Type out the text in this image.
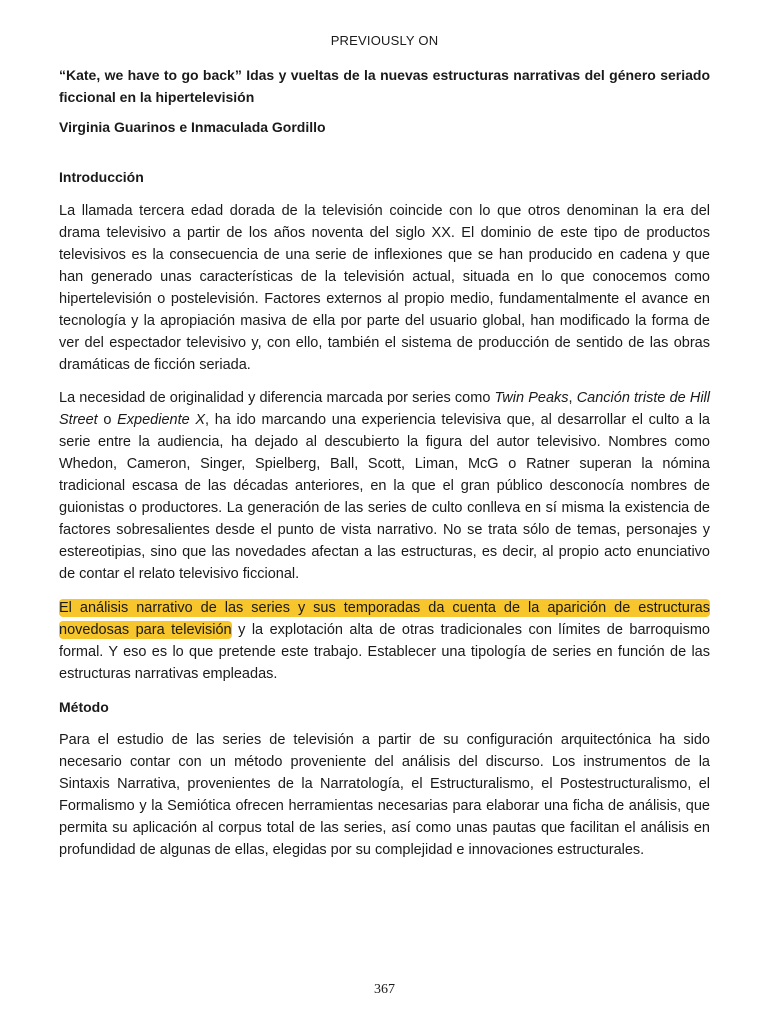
PREVIOUSLY ON
“Kate, we have to go back” Idas y vueltas de la nuevas estructuras narrativas del género seriado ficcional en la hipertelevisión
Virginia Guarinos e Inmaculada Gordillo
Introducción

La llamada tercera edad dorada de la televisión coincide con lo que otros denominan la era del drama televisivo a partir de los años noventa del siglo XX. El dominio de este tipo de productos televisivos es la consecuencia de una serie de inflexiones que se han producido en cadena y que han generado unas características de la televisión actual, situada en lo que conocemos como hipertelevisión o postelevisión. Factores externos al propio medio, fundamentalmente el avance en tecnología y la apropiación masiva de ella por parte del usuario global, han modificado la forma de ver del espectador televisivo y, con ello, también el sistema de producción de sentido de las obras dramáticas de ficción seriada.

La necesidad de originalidad y diferencia marcada por series como Twin Peaks, Canción triste de Hill Street o Expediente X, ha ido marcando una experiencia televisiva que, al desarrollar el culto a la serie entre la audiencia, ha dejado al descubierto la figura del autor televisivo. Nombres como Whedon, Cameron, Singer, Spielberg, Ball, Scott, Liman, McG o Ratner superan la nómina tradicional escasa de las décadas anteriores, en la que el gran público desconocía nombres de guionistas o productores. La generación de las series de culto conlleva en sí misma la existencia de factores sobresalientes desde el punto de vista narrativo. No se trata sólo de temas, personajes y estereotipias, sino que las novedades afectan a las estructuras, es decir, al propio acto enunciativo de contar el relato televisivo ficcional.

El análisis narrativo de las series y sus temporadas da cuenta de la aparición de estructuras novedosas para televisión y la explotación alta de otras tradicionales con límites de barroquismo formal. Y eso es lo que pretende este trabajo. Establecer una tipología de series en función de las estructuras narrativas empleadas.

Método

Para el estudio de las series de televisión a partir de su configuración arquitectónica ha sido necesario contar con un método proveniente del análisis del discurso. Los instrumentos de la Sintaxis Narrativa, provenientes de la Narratología, el Estructuralismo, el Postestructuralismo, el Formalismo y la Semiótica ofrecen herramientas necesarias para elaborar una ficha de análisis, que permita su aplicación al corpus total de las series, así como unas pautas que facilitan el análisis en profundidad de algunas de ellas, elegidas por su complejidad e innovaciones estructurales.

367
